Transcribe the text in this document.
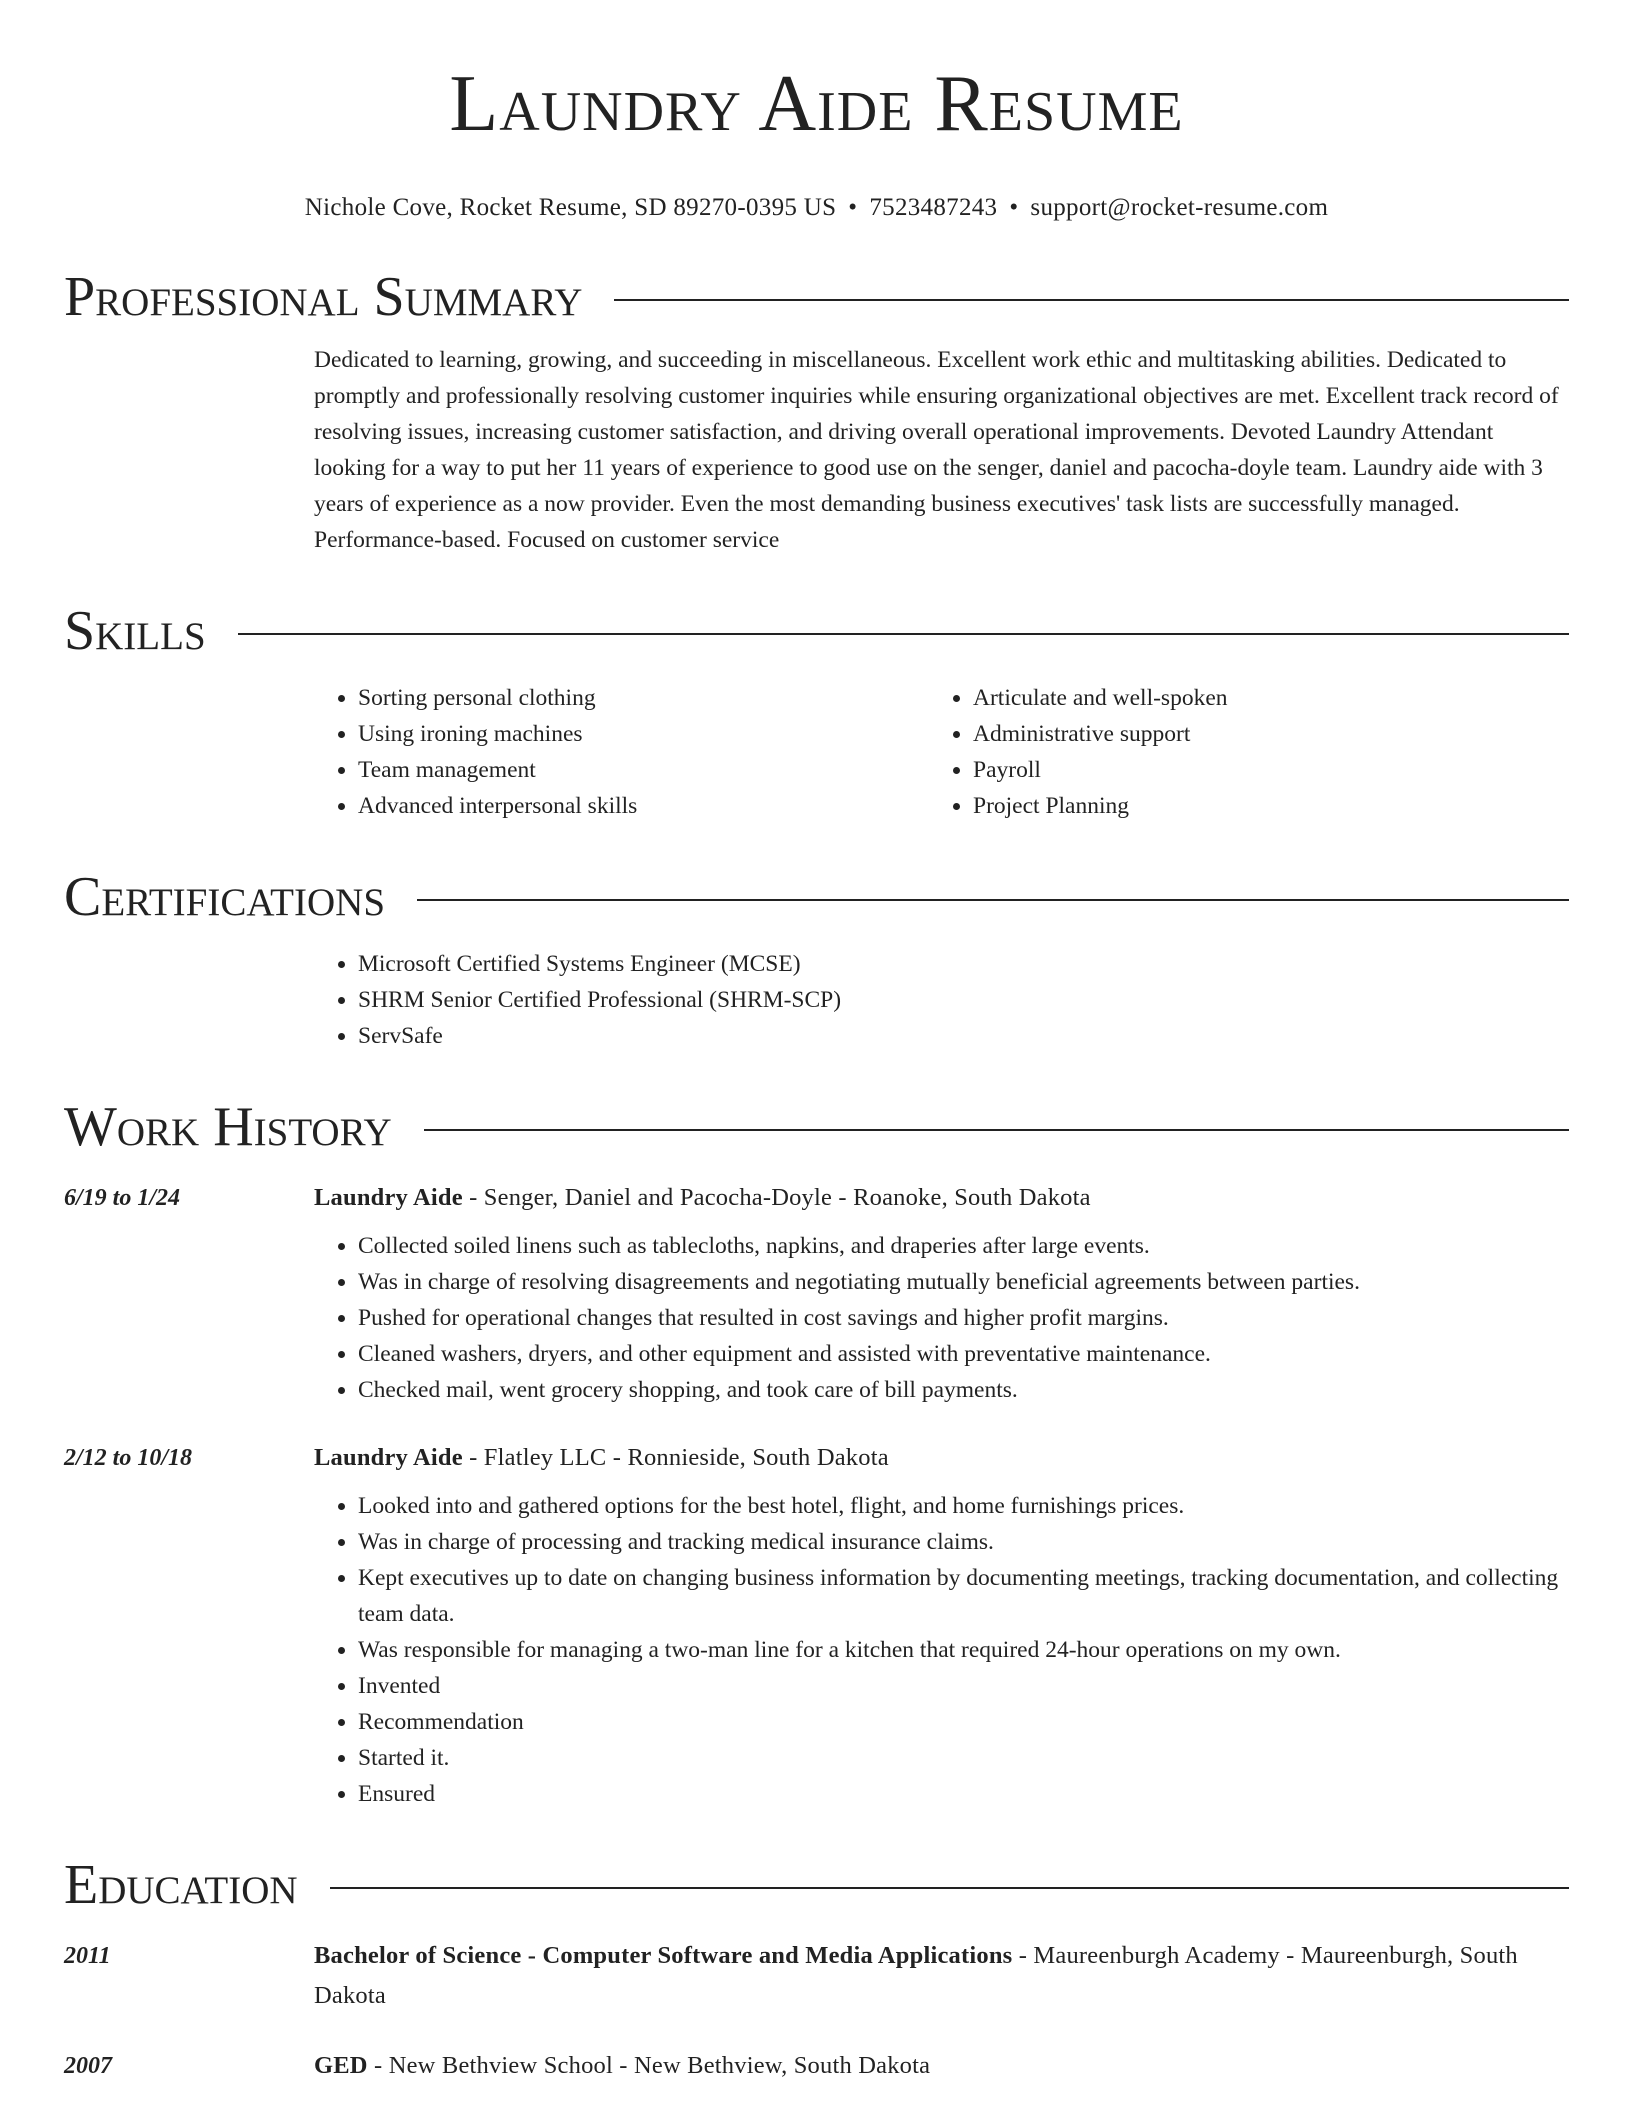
Laundry Aide Resume
Nichole Cove, Rocket Resume, SD 89270-0395 US • 7523487243 • support@rocket-resume.com
Professional Summary
Dedicated to learning, growing, and succeeding in miscellaneous. Excellent work ethic and multitasking abilities. Dedicated to promptly and professionally resolving customer inquiries while ensuring organizational objectives are met. Excellent track record of resolving issues, increasing customer satisfaction, and driving overall operational improvements. Devoted Laundry Attendant looking for a way to put her 11 years of experience to good use on the senger, daniel and pacocha-doyle team. Laundry aide with 3 years of experience as a now provider. Even the most demanding business executives' task lists are successfully managed. Performance-based. Focused on customer service
Skills
• Sorting personal clothing
• Using ironing machines
• Team management
• Advanced interpersonal skills
• Articulate and well-spoken
• Administrative support
• Payroll
• Project Planning
Certifications
• Microsoft Certified Systems Engineer (MCSE)
• SHRM Senior Certified Professional (SHRM-SCP)
• ServSafe
Work History
6/19 to 1/24	Laundry Aide - Senger, Daniel and Pacocha-Doyle - Roanoke, South Dakota
• Collected soiled linens such as tablecloths, napkins, and draperies after large events.
• Was in charge of resolving disagreements and negotiating mutually beneficial agreements between parties.
• Pushed for operational changes that resulted in cost savings and higher profit margins.
• Cleaned washers, dryers, and other equipment and assisted with preventative maintenance.
• Checked mail, went grocery shopping, and took care of bill payments.
2/12 to 10/18	Laundry Aide - Flatley LLC - Ronnieside, South Dakota
• Looked into and gathered options for the best hotel, flight, and home furnishings prices.
• Was in charge of processing and tracking medical insurance claims.
• Kept executives up to date on changing business information by documenting meetings, tracking documentation, and collecting team data.
• Was responsible for managing a two-man line for a kitchen that required 24-hour operations on my own.
• Invented
• Recommendation
• Started it.
• Ensured
Education
2011	Bachelor of Science - Computer Software and Media Applications - Maureenburgh Academy - Maureenburgh, South Dakota
2007	GED - New Bethview School - New Bethview, South Dakota
